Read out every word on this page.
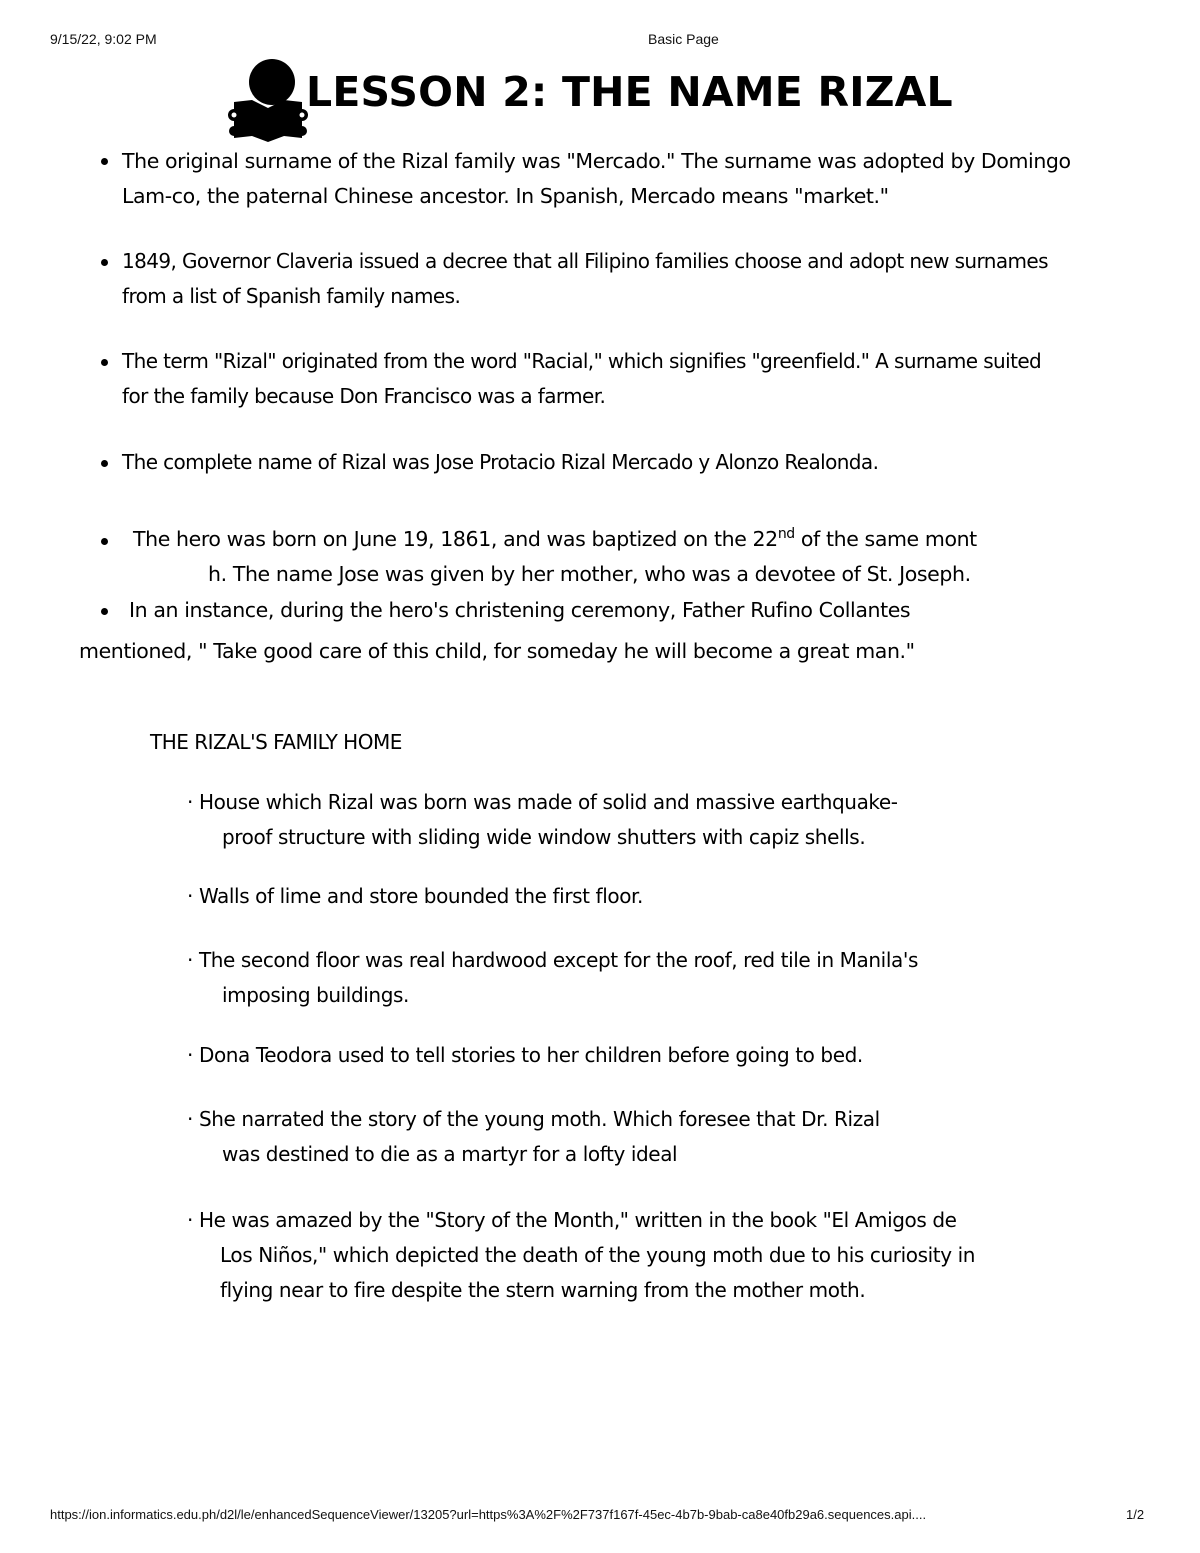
9/15/22, 9:02 PM	Basic Page
LESSON 2: THE NAME RIZAL
The original surname of the Rizal family was "Mercado." The surname was adopted by Domingo
Lam-co, the paternal Chinese ancestor. In Spanish, Mercado means "market."
1849, Governor Claveria issued a decree that all Filipino families choose and adopt new surnames
from a list of Spanish family names.
The term "Rizal" originated from the word "Racial," which signifies "greenfield." A surname suited
for the family because Don Francisco was a farmer.
The complete name of Rizal was Jose Protacio Rizal Mercado y Alonzo Realonda.
The hero was born on June 19, 1861, and was baptized on the 22nd of the same mont
h. The name Jose was given by her mother, who was a devotee of St. Joseph.
In an instance, during the hero's christening ceremony, Father Rufino Collantes
mentioned, " Take good care of this child, for someday he will become a great man."
THE RIZAL'S FAMILY HOME
· House which Rizal was born was made of solid and massive earthquake-
proof structure with sliding wide window shutters with capiz shells.
· Walls of lime and store bounded the first floor.
· The second floor was real hardwood except for the roof, red tile in Manila's
imposing buildings.
· Dona Teodora used to tell stories to her children before going to bed.
· She narrated the story of the young moth. Which foresee that Dr. Rizal
was destined to die as a martyr for a lofty ideal
· He was amazed by the "Story of the Month," written in the book "El Amigos de
Los Niños," which depicted the death of the young moth due to his curiosity in
flying near to fire despite the stern warning from the mother moth.
https://ion.informatics.edu.ph/d2l/le/enhancedSequenceViewer/13205?url=https%3A%2F%2F737f167f-45ec-4b7b-9bab-ca8e40fb29a6.sequences.api....	1/2
